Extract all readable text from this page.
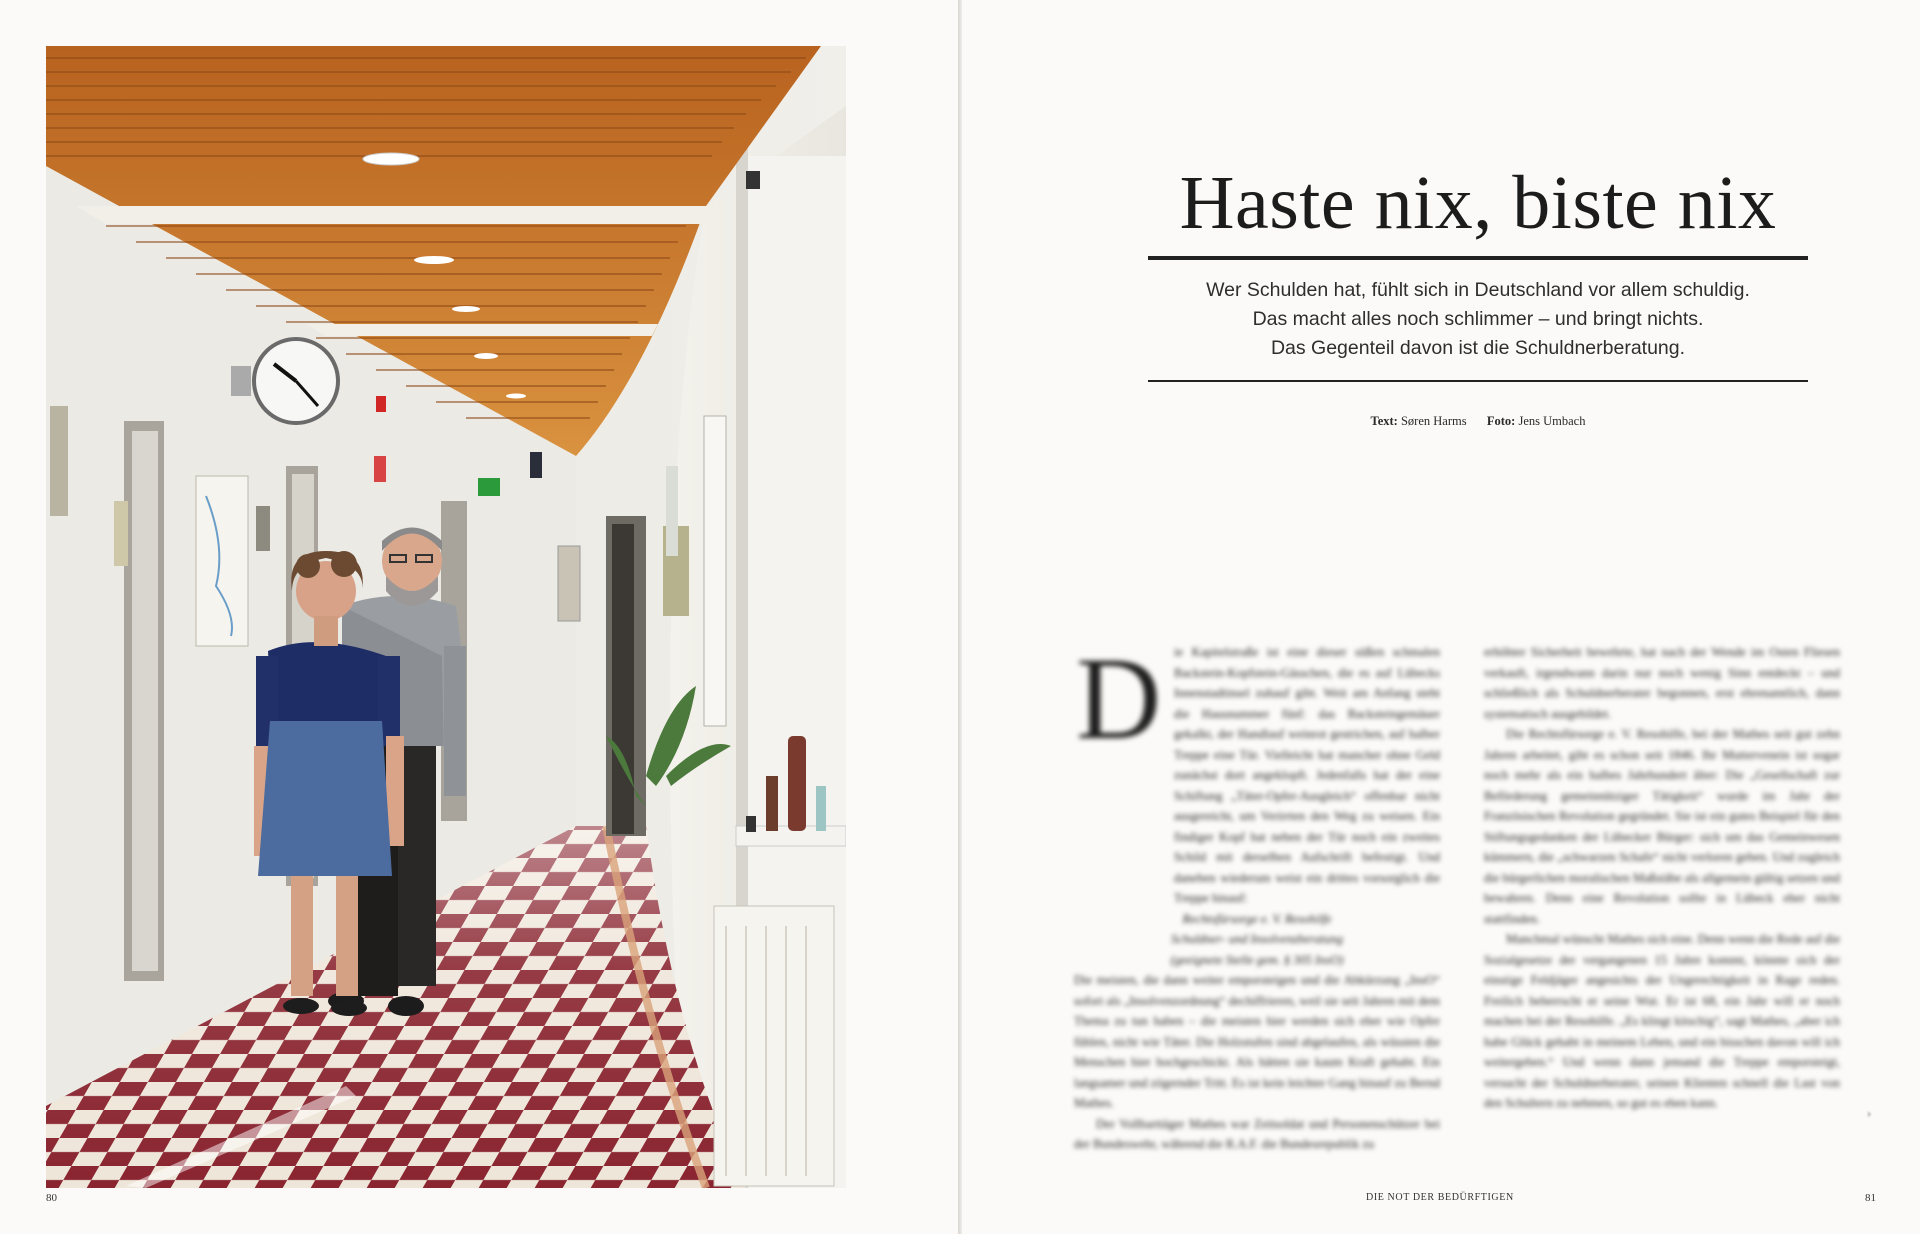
80
Haste nix, biste nix
Wer Schulden hat, fühlt sich in Deutschland vor allem schuldig.
Das macht alles noch schlimmer – und bringt nichts.
Das Gegenteil davon ist die Schuldnerberatung.
Text: Søren Harms Foto: Jens Umbach
D	ie Kapitelstraße ist eine dieser süßen schmalen Backstein-Kopfstein-Gässchen, die es auf Lübecks Innenstadtinsel zuhauf gibt. Weit am Anfang steht die Hausnummer fünf: das Backsteingemäuer gekalkt, der Handlauf weinrot gestrichen, auf halber Treppe eine Tür. Vielleicht hat mancher ohne Geld zunächst dort angeklopft. Jedenfalls hat der eine Schiftung „Täter-Opfer-Ausgleich“ offenbar nicht ausgereicht, um Verirrten den Weg zu weisen. Ein findiger Kopf hat neben der Tür noch ein zweites Schild mit derselben Aufschrift befestigt. Und daneben wiederum weist ein drittes vorsorglich die Treppe hinauf:

Rechtsfürsorge e. V. Resohilfe

Schuldner- und Insolvenzberatung

(geeignete Stelle gem. § 305 InsO)

Die meisten, die dann weiter emporsteigen und die Abkürzung „InsO“ sofort als „Insolvenzordnung“ dechiffrieren, weil sie seit Jahren mit dem Thema zu tun haben – die meisten hier werden sich eher wie Opfer fühlen, nicht wie Täter. Die Holzstufen sind abgelaufen, als wüssten die Menschen hier hochgeschickt. Als hätten sie kaum Kraft gehabt. Ein langsamer und zögernder Tritt. Es ist kein leichter Gang hinauf zu Bernd Mathes.

Der Vollbarttäger Mathes war Zeitsoldat und Personenschützer bei der Bundeswehr, während die R.A.F. die Bundesrepublik zu

erhöhter Sicherheit bewehrte, hat nach der Wende im Osten Fliesen verkauft, irgendwann darin nur noch wenig Sinn entdeckt – und schließlich als Schuldnerberater begonnen, erst ehrenamtlich, dann systematisch ausgebildet.

Die Rechtsfürsorge e. V. Resohilfe, bei der Mathes seit gut zehn Jahren arbeitet, gibt es schon seit 1846. Ihr Muttervenein ist sogar noch mehr als ein halbes Jahrhundert älter: Die „Gesellschaft zur Beförderung gemeinnütziger Tätigkeit“ wurde im Jahr der Französischen Revolution gegründet. Sie ist ein gutes Beispiel für den Stiftungsgedanken der Lübecker Bürger: sich um das Gemeinwesen kümmern, die „schwarzen Schafe“ nicht verloren geben. Und zugleich die bürgerlichen moralischen Maßstäbe als allgemein gültig setzen und bewahren. Denn eine Revolution sollte in Lübeck eher nicht stattfinden.

Manchmal wünscht Mathes sich eine. Denn wenn die Rede auf die Sozialgesetze der vergangenen 15 Jahre kommt, könnte sich der einstige Feldjäger angesichts der Ungerechtigkeit in Rage reden. Freilich beherrscht er seine Wut. Er ist 68, ein Jahr will er noch machen bei der Resohilfe. „Es klingt kitschig“, sagt Mathes, „aber ich habe Glück gehabt in meinem Leben, und ein bisschen davon will ich weitergeben.“ Und wenn dann jemand die Treppe emporsteigt, versucht der Schuldnerberater, seinen Klienten schnell die Last von den Schultern zu nehmen, so gut es eben kann.

›
DIE NOT DER BEDÜRFTIGEN	81
